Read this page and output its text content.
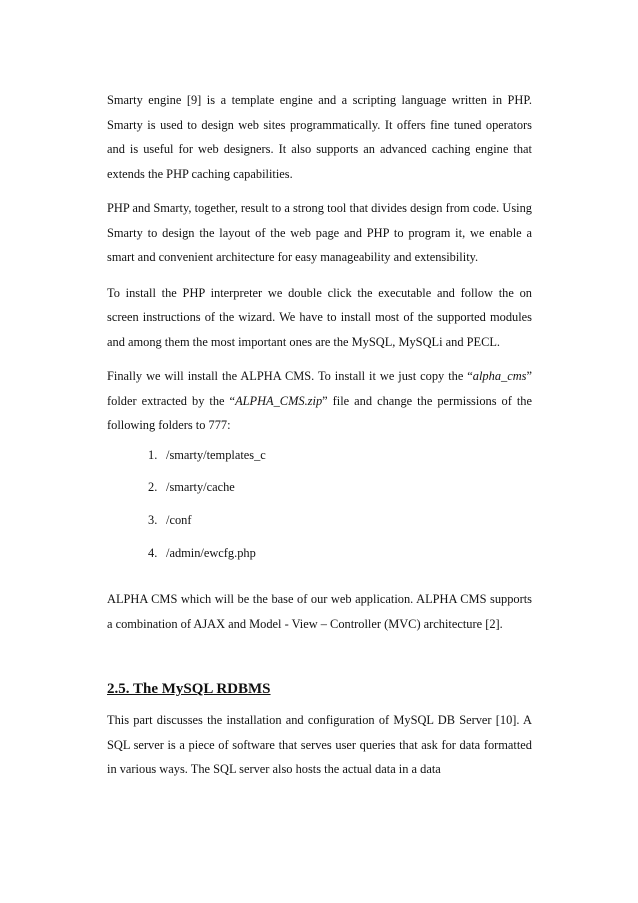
Smarty engine [9] is a template engine and a scripting language written in PHP. Smarty is used to design web sites programmatically. It offers fine tuned operators and is useful for web designers. It also supports an advanced caching engine that extends the PHP caching capabilities.

PHP and Smarty, together, result to a strong tool that divides design from code. Using Smarty to design the layout of the web page and PHP to program it, we enable a smart and convenient architecture for easy manageability and extensibility.

To install the PHP interpreter we double click the executable and follow the on screen instructions of the wizard. We have to install most of the supported modules and among them the most important ones are the MySQL, MySQLi and PECL.

Finally we will install the ALPHA CMS. To install it we just copy the “alpha_cms” folder extracted by the “ALPHA_CMS.zip” file and change the permissions of the following folders to 777:

1. /smarty/templates_c
2. /smarty/cache
3. /conf
4. /admin/ewcfg.php

ALPHA CMS which will be the base of our web application. ALPHA CMS supports a combination of AJAX and Model - View – Controller (MVC) architecture [2].

2.5. The MySQL RDBMS

This part discusses the installation and configuration of MySQL DB Server [10]. A SQL server is a piece of software that serves user queries that ask for data formatted in various ways. The SQL server also hosts the actual data in a data
